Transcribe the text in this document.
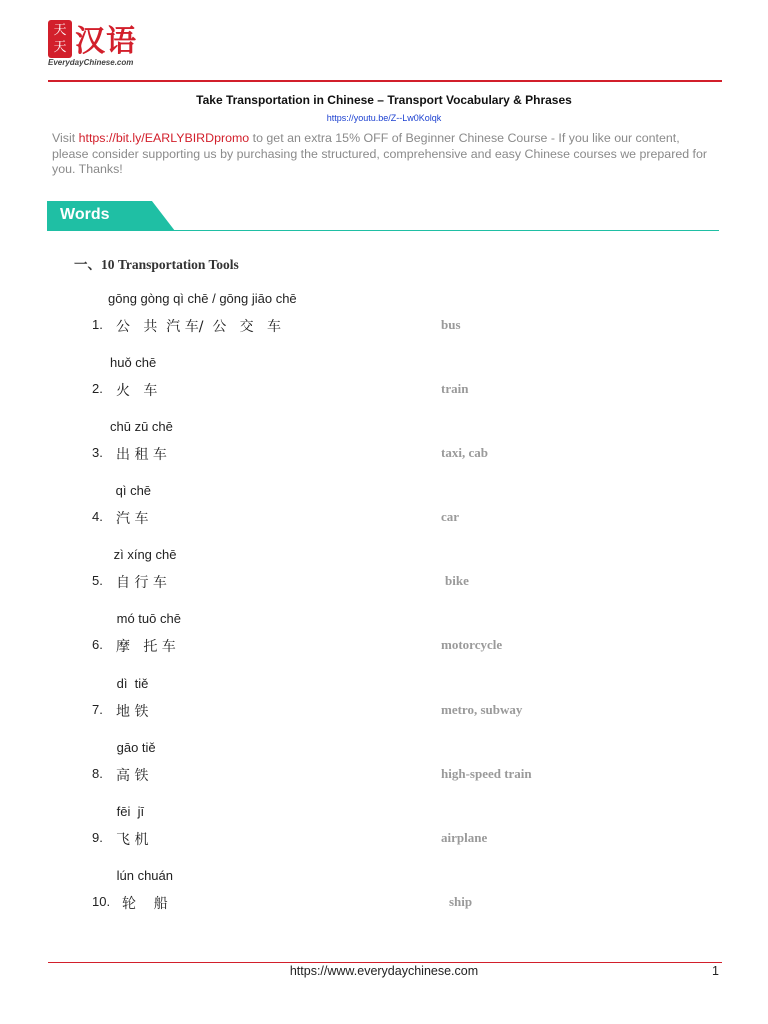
天天 汉语
EverydayChinese.com
Take Transportation in Chinese – Transport Vocabulary & Phrases
https://youtu.be/Z--Lw0Kolqk
Visit https://bit.ly/EARLYBIRDpromo to get an extra 15% OFF of Beginner Chinese Course - If you like our content, please consider supporting us by purchasing the structured, comprehensive and easy Chinese courses we prepared for you. Thanks!
Words
一、10 Transportation Tools
gōng gòng qì chē / gōng jiāo chē
1. 公   共  汽 车/  公   交   车	bus
huǒ chē
2. 火   车	train
chū zū chē
3. 出 租 车	taxi, cab
qì chē
4. 汽 车	car
zì xíng chē
5. 自 行 车	bike
mó tuō chē
6. 摩   托 车	motorcycle
dì  tiě
7. 地 铁	metro, subway
gāo tiě
8. 高 铁	high-speed train
fēi  jī
9. 飞 机	airplane
lún chuán
10. 轮    船	ship
https://www.everydaychinese.com	1
